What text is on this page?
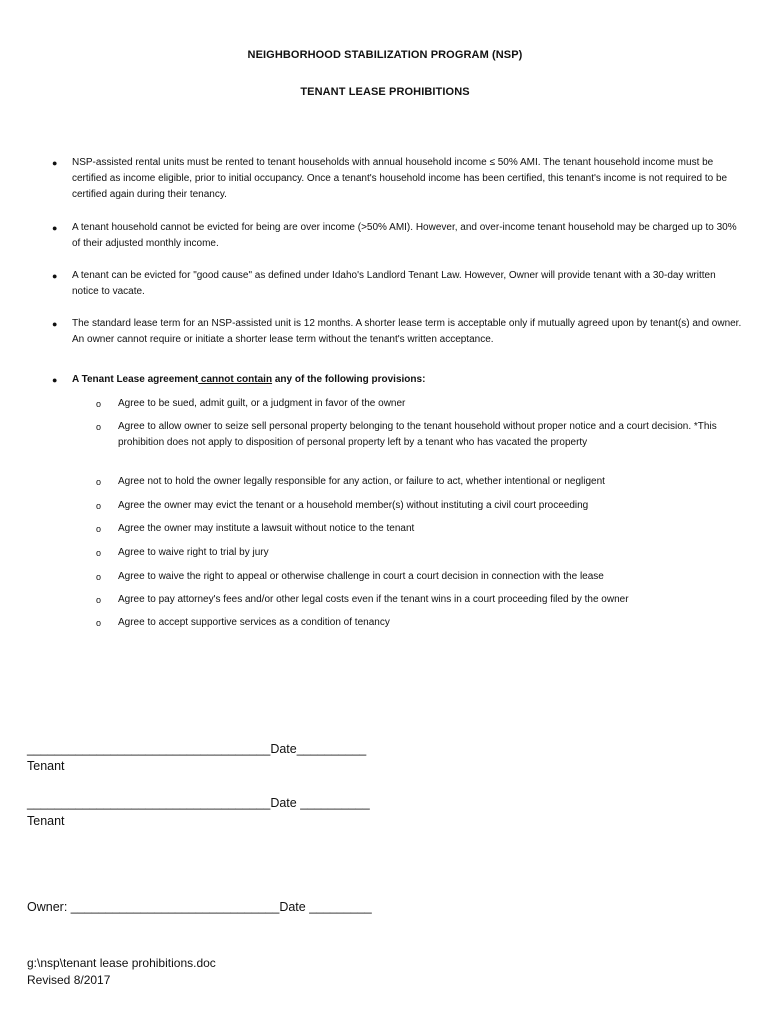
NEIGHBORHOOD STABILIZATION PROGRAM (NSP)
TENANT LEASE PROHIBITIONS
● NSP-assisted rental units must be rented to tenant households with annual household income ≤ 50% AMI. The tenant household income must be certified as income eligible, prior to initial occupancy. Once a tenant's household income has been certified, this tenant's income is not required to be certified again during their tenancy.
● A tenant household cannot be evicted for being are over income (>50% AMI). However, and over-income tenant household may be charged up to 30% of their adjusted monthly income.
● A tenant can be evicted for "good cause" as defined under Idaho's Landlord Tenant Law. However, Owner will provide tenant with a 30-day written notice to vacate.
● The standard lease term for an NSP-assisted unit is 12 months. A shorter lease term is acceptable only if mutually agreed upon by tenant(s) and owner. An owner cannot require or initiate a shorter lease term without the tenant's written acceptance.
● A Tenant Lease agreement cannot contain any of the following provisions:
o Agree to be sued, admit guilt, or a judgment in favor of the owner
o Agree to allow owner to seize sell personal property belonging to the tenant household without proper notice and a court decision. *This prohibition does not apply to disposition of personal property left by a tenant who has vacated the property
o Agree not to hold the owner legally responsible for any action, or failure to act, whether intentional or negligent
o Agree the owner may evict the tenant or a household member(s) without instituting a civil court proceeding
o Agree the owner may institute a lawsuit without notice to the tenant
o Agree to waive right to trial by jury
o Agree to waive the right to appeal or otherwise challenge in court a court decision in connection with the lease
o Agree to pay attorney's fees and/or other legal costs even if the tenant wins in a court proceeding filed by the owner
o Agree to accept supportive services as a condition of tenancy
___________________________________Date__________
Tenant
___________________________________Date __________
Tenant
Owner: ______________________________Date _________
g:\nsp\tenant lease prohibitions.doc
Revised 8/2017
